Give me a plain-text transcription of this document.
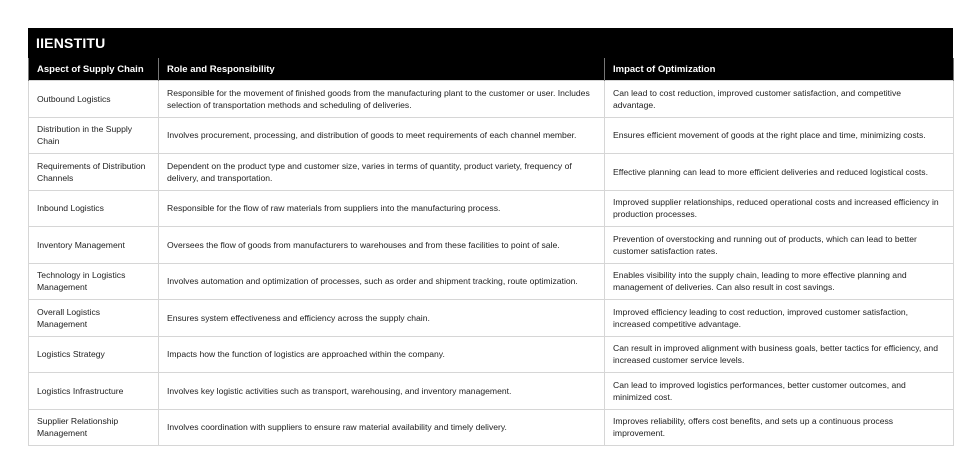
IIENSTITU
Aspect of Supply Chain	Role and Responsibility	Impact of Optimization
Outbound Logistics	Responsible for the movement of finished goods from the manufacturing plant to the customer or user. Includes selection of transportation methods and scheduling of deliveries.	Can lead to cost reduction, improved customer satisfaction, and competitive advantage.
Distribution in the Supply Chain	Involves procurement, processing, and distribution of goods to meet requirements of each channel member.	Ensures efficient movement of goods at the right place and time, minimizing costs.
Requirements of Distribution Channels	Dependent on the product type and customer size, varies in terms of quantity, product variety, frequency of delivery, and transportation.	Effective planning can lead to more efficient deliveries and reduced logistical costs.
Inbound Logistics	Responsible for the flow of raw materials from suppliers into the manufacturing process.	Improved supplier relationships, reduced operational costs and increased efficiency in production processes.
Inventory Management	Oversees the flow of goods from manufacturers to warehouses and from these facilities to point of sale.	Prevention of overstocking and running out of products, which can lead to better customer satisfaction rates.
Technology in Logistics Management	Involves automation and optimization of processes, such as order and shipment tracking, route optimization.	Enables visibility into the supply chain, leading to more effective planning and management of deliveries. Can also result in cost savings.
Overall Logistics Management	Ensures system effectiveness and efficiency across the supply chain.	Improved efficiency leading to cost reduction, improved customer satisfaction, increased competitive advantage.
Logistics Strategy	Impacts how the function of logistics are approached within the company.	Can result in improved alignment with business goals, better tactics for efficiency, and increased customer service levels.
Logistics Infrastructure	Involves key logistic activities such as transport, warehousing, and inventory management.	Can lead to improved logistics performances, better customer outcomes, and minimized cost.
Supplier Relationship Management	Involves coordination with suppliers to ensure raw material availability and timely delivery.	Improves reliability, offers cost benefits, and sets up a continuous process improvement.
